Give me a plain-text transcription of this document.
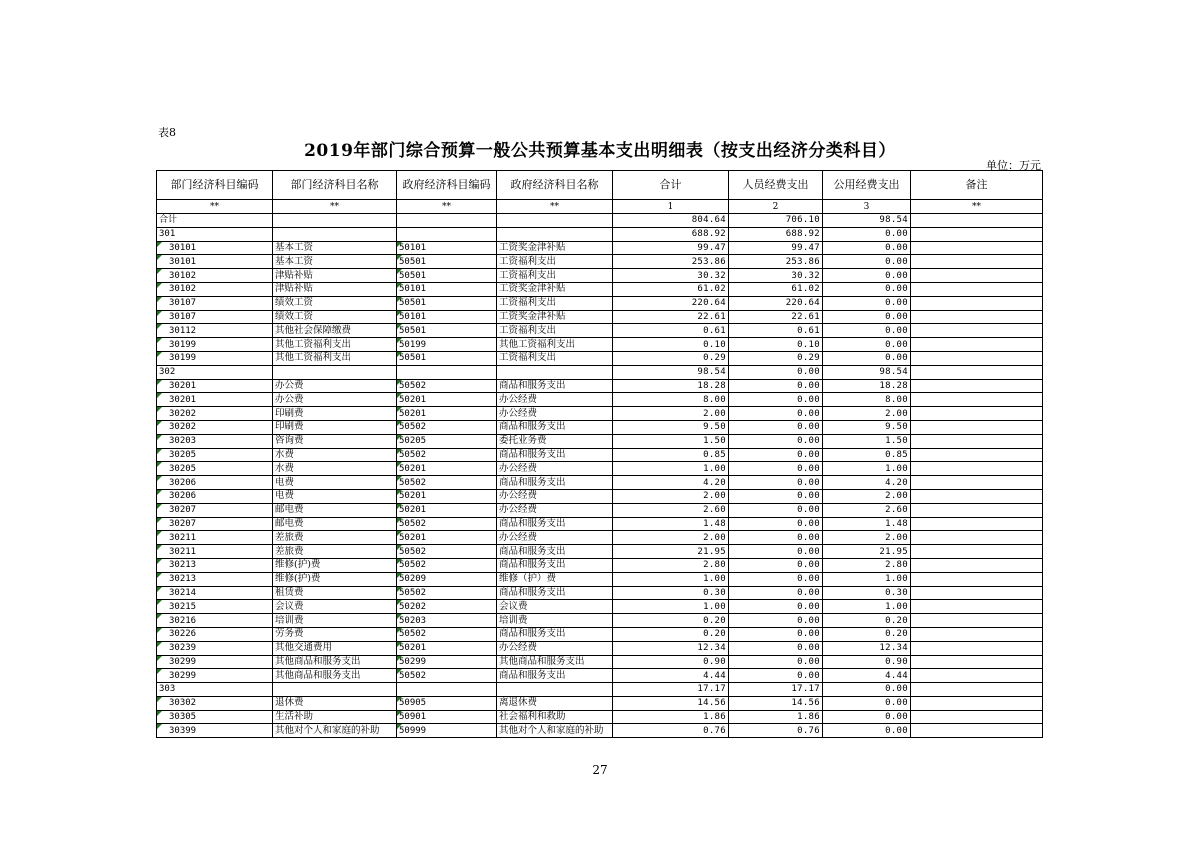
表8
2019年部门综合预算一般公共预算基本支出明细表（按支出经济分类科目）
单位：万元
部门经济科目编码	部门经济科目名称	政府经济科目编码	政府经济科目名称	合计	人员经费支出	公用经费支出	备注
**	**	**	**	1	2	3	**
合计				804.64	706.10	98.54	
301				688.92	688.92	0.00	
30101	基本工资	50101	工资奖金津补贴	99.47	99.47	0.00	
30101	基本工资	50501	工资福利支出	253.86	253.86	0.00	
30102	津贴补贴	50501	工资福利支出	30.32	30.32	0.00	
30102	津贴补贴	50101	工资奖金津补贴	61.02	61.02	0.00	
30107	绩效工资	50501	工资福利支出	220.64	220.64	0.00	
30107	绩效工资	50101	工资奖金津补贴	22.61	22.61	0.00	
30112	其他社会保障缴费	50501	工资福利支出	0.61	0.61	0.00	
30199	其他工资福利支出	50199	其他工资福利支出	0.10	0.10	0.00	
30199	其他工资福利支出	50501	工资福利支出	0.29	0.29	0.00	
302				98.54	0.00	98.54	
30201	办公费	50502	商品和服务支出	18.28	0.00	18.28	
30201	办公费	50201	办公经费	8.00	0.00	8.00	
30202	印刷费	50201	办公经费	2.00	0.00	2.00	
30202	印刷费	50502	商品和服务支出	9.50	0.00	9.50	
30203	咨询费	50205	委托业务费	1.50	0.00	1.50	
30205	水费	50502	商品和服务支出	0.85	0.00	0.85	
30205	水费	50201	办公经费	1.00	0.00	1.00	
30206	电费	50502	商品和服务支出	4.20	0.00	4.20	
30206	电费	50201	办公经费	2.00	0.00	2.00	
30207	邮电费	50201	办公经费	2.60	0.00	2.60	
30207	邮电费	50502	商品和服务支出	1.48	0.00	1.48	
30211	差旅费	50201	办公经费	2.00	0.00	2.00	
30211	差旅费	50502	商品和服务支出	21.95	0.00	21.95	
30213	维修(护)费	50502	商品和服务支出	2.80	0.00	2.80	
30213	维修(护)费	50209	维修（护）费	1.00	0.00	1.00	
30214	租赁费	50502	商品和服务支出	0.30	0.00	0.30	
30215	会议费	50202	会议费	1.00	0.00	1.00	
30216	培训费	50203	培训费	0.20	0.00	0.20	
30226	劳务费	50502	商品和服务支出	0.20	0.00	0.20	
30239	其他交通费用	50201	办公经费	12.34	0.00	12.34	
30299	其他商品和服务支出	50299	其他商品和服务支出	0.90	0.00	0.90	
30299	其他商品和服务支出	50502	商品和服务支出	4.44	0.00	4.44	
303				17.17	17.17	0.00	
30302	退休费	50905	离退休费	14.56	14.56	0.00	
30305	生活补助	50901	社会福利和救助	1.86	1.86	0.00	
30399	其他对个人和家庭的补助	50999	其他对个人和家庭的补助	0.76	0.76	0.00	
27
